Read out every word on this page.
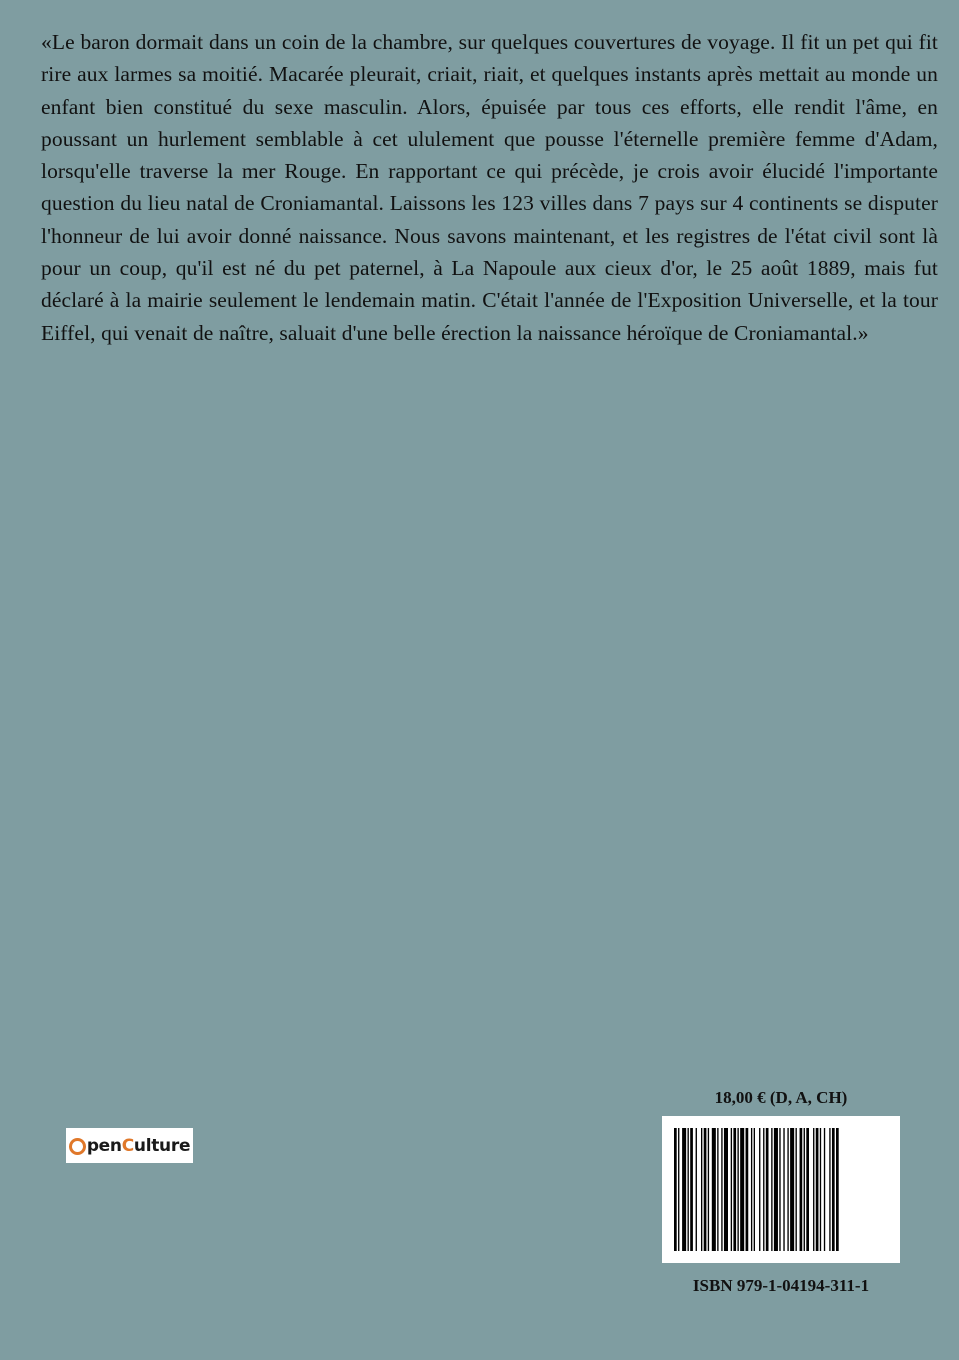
«Le baron dormait dans un coin de la chambre, sur quelques couvertures de voyage. Il fit un pet qui fit rire aux larmes sa moitié. Macarée pleurait, criait, riait, et quelques instants après mettait au monde un enfant bien constitué du sexe masculin. Alors, épuisée par tous ces efforts, elle rendit l'âme, en poussant un hurlement semblable à cet ululement que pousse l'éternelle première femme d'Adam, lorsqu'elle traverse la mer Rouge. En rapportant ce qui précède, je crois avoir élucidé l'importante question du lieu natal de Croniamantal. Laissons les 123 villes dans 7 pays sur 4 continents se disputer l'honneur de lui avoir donné naissance. Nous savons maintenant, et les registres de l'état civil sont là pour un coup, qu'il est né du pet paternel, à La Napoule aux cieux d'or, le 25 août 1889, mais fut déclaré à la mairie seulement le lendemain matin. C'était l'année de l'Exposition Universelle, et la tour Eiffel, qui venait de naître, saluait d'une belle érection la naissance héroïque de Croniamantal.»

pen C ulture
18,00 € (D, A, CH)
ISBN 979-1-04194-311-1
